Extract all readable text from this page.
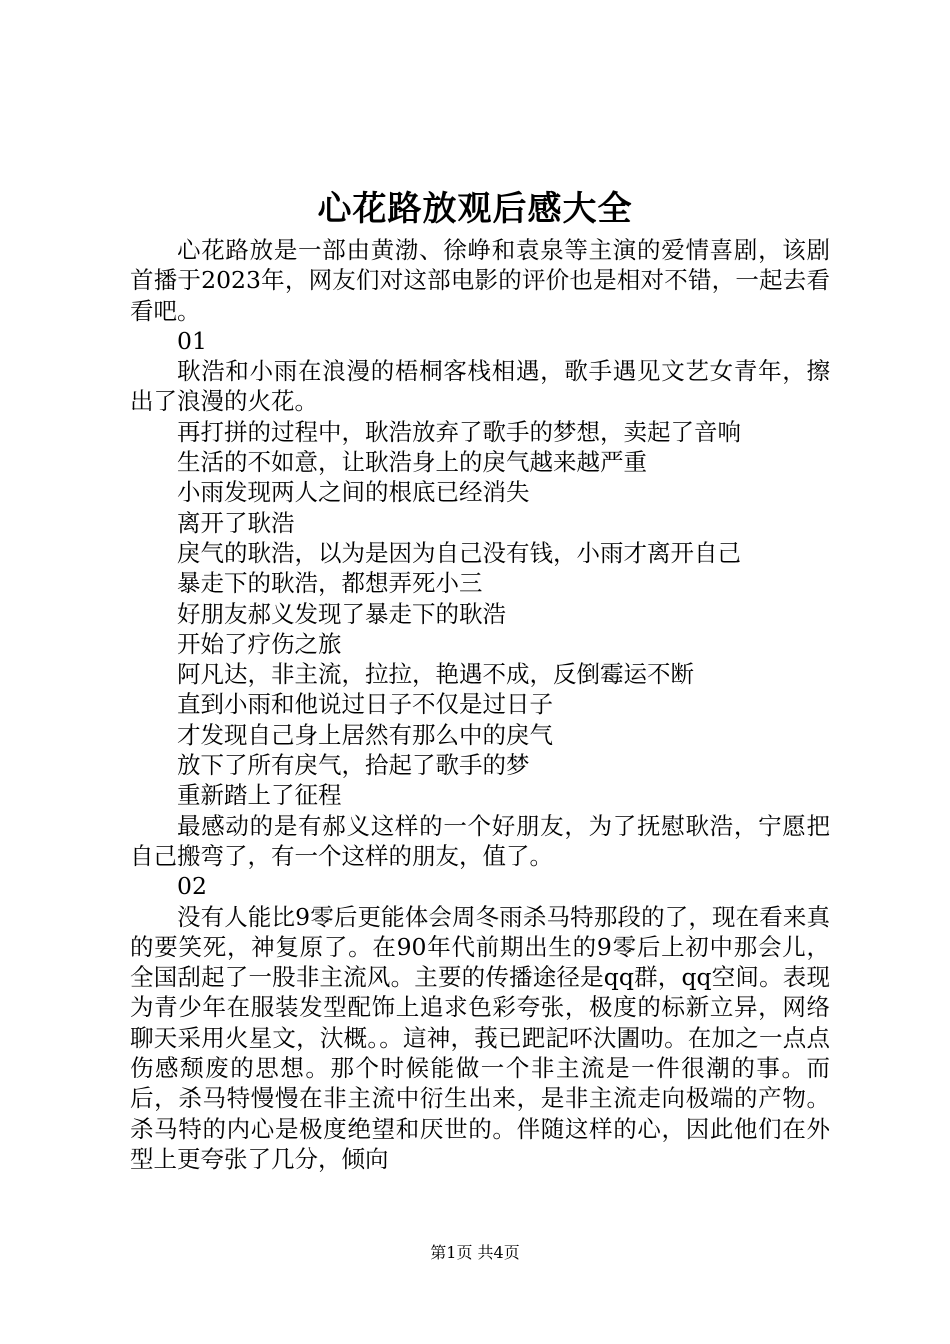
心花路放观后感大全

心花路放是一部由黄渤、徐峥和袁泉等主演的爱情喜剧，该剧首播于2023年，网友们对这部电影的评价也是相对不错，一起去看看吧。

01

耿浩和小雨在浪漫的梧桐客栈相遇，歌手遇见文艺女青年，擦出了浪漫的火花。

再打拼的过程中，耿浩放弃了歌手的梦想，卖起了音响

生活的不如意，让耿浩身上的戾气越来越严重

小雨发现两人之间的根底已经消失

离开了耿浩

戾气的耿浩，以为是因为自己没有钱，小雨才离开自己

暴走下的耿浩，都想弄死小三

好朋友郝义发现了暴走下的耿浩

开始了疗伤之旅

阿凡达，非主流，拉拉，艳遇不成，反倒霉运不断

直到小雨和他说过日子不仅是过日子

才发现自己身上居然有那么中的戾气

放下了所有戾气，拾起了歌手的梦

重新踏上了征程

最感动的是有郝义这样的一个好朋友，为了抚慰耿浩，宁愿把自己搬弯了，有一个这样的朋友，值了。

02

没有人能比9零后更能体会周冬雨杀马特那段的了，现在看来真的要笑死，神复原了。在90年代前期出生的9零后上初中那会儿，全国刮起了一股非主流风。主要的传播途径是qq群，qq空间。表现为青少年在服装发型配饰上追求色彩夸张，极度的标新立异，网络聊天采用火星文，汏概。。這神，莪已跁記吥汏圕叻。在加之一点点伤感颓废的思想。那个时候能做一个非主流是一件很潮的事。而后，杀马特慢慢在非主流中衍生出来，是非主流走向极端的产物。杀马特的内心是极度绝望和厌世的。伴随这样的心，因此他们在外型上更夸张了几分，倾向

第1页 共4页
